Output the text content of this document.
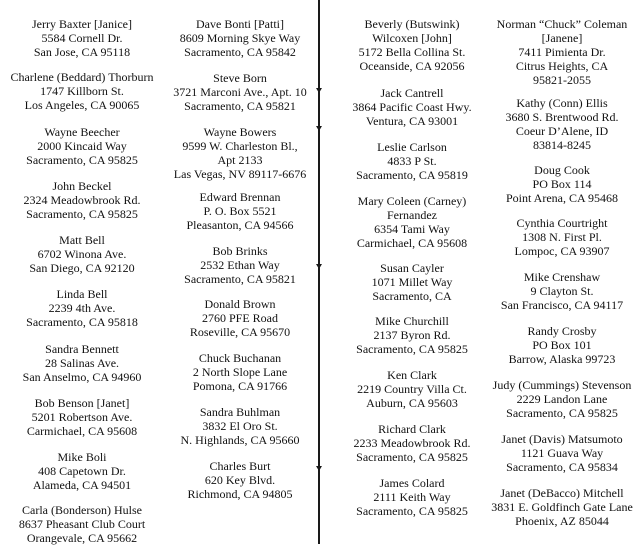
Jerry Baxter [Janice]
5584 Cornell Dr.
San Jose, CA 95118
Charlene (Beddard) Thorburn
1747 Killborn St.
Los Angeles, CA 90065
Wayne Beecher
2000 Kincaid Way
Sacramento, CA 95825
John Beckel
2324 Meadowbrook Rd.
Sacramento, CA 95825
Matt Bell
6702 Winona Ave.
San Diego, CA 92120
Linda Bell
2239 4th Ave.
Sacramento, CA 95818
Sandra Bennett
28 Salinas Ave.
San Anselmo, CA 94960
Bob Benson [Janet]
5201 Robertson Ave.
Carmichael, CA 95608
Mike Boli
408 Capetown Dr.
Alameda, CA 94501
Carla (Bonderson) Hulse
8637 Pheasant Club Court
Orangevale, CA 95662
Dave Bonti [Patti]
8609 Morning Skye Way
Sacramento, CA 95842
Steve Born
3721 Marconi Ave., Apt. 10
Sacramento, CA 95821
Wayne Bowers
9599 W. Charleston Bl.,
Apt 2133
Las Vegas, NV 89117-6676
Edward Brennan
P. O. Box 5521
Pleasanton, CA 94566
Bob Brinks
2532 Ethan Way
Sacramento, CA 95821
Donald Brown
2760 PFE Road
Roseville, CA 95670
Chuck Buchanan
2 North Slope Lane
Pomona, CA 91766
Sandra Buhlman
3832 El Oro St.
N. Highlands, CA 95660
Charles Burt
620 Key Blvd.
Richmond, CA 94805
Beverly (Butswink)
Wilcoxen [John]
5172 Bella Collina St.
Oceanside, CA 92056
Jack Cantrell
3864 Pacific Coast Hwy.
Ventura, CA 93001
Leslie Carlson
4833 P St.
Sacramento, CA 95819
Mary Coleen (Carney)
Fernandez
6354 Tami Way
Carmichael, CA 95608
Susan Cayler
1071 Millet Way
Sacramento, CA
Mike Churchill
2137 Byron Rd.
Sacramento, CA 95825
Ken Clark
2219 Country Villa Ct.
Auburn, CA 95603
Richard Clark
2233 Meadowbrook Rd.
Sacramento, CA 95825
James Colard
2111 Keith Way
Sacramento, CA 95825
Norman “Chuck” Coleman
[Janene]
7411 Pimienta Dr.
Citrus Heights, CA
95821-2055
Kathy (Conn) Ellis
3680 S. Brentwood Rd.
Coeur D’Alene, ID
83814-8245
Doug Cook
PO Box 114
Point Arena, CA 95468
Cynthia Courtright
1308 N. First Pl.
Lompoc, CA 93907
Mike Crenshaw
9 Clayton St.
San Francisco, CA 94117
Randy Crosby
PO Box 101
Barrow, Alaska 99723
Judy (Cummings) Stevenson
2229 Landon Lane
Sacramento, CA 95825
Janet (Davis) Matsumoto
1121 Guava Way
Sacramento, CA 95834
Janet (DeBacco) Mitchell
3831 E. Goldfinch Gate Lane
Phoenix, AZ 85044
